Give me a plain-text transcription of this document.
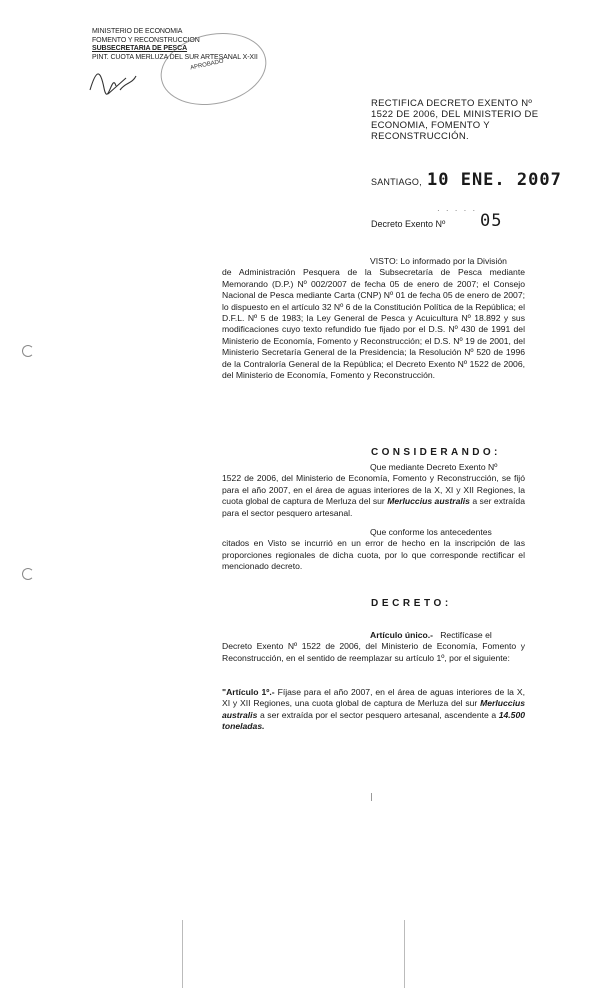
MINISTERIO DE ECONOMIA
FOMENTO Y RECONSTRUCCION
SUBSECRETARIA DE PESCA
PINT. CUOTA MERLUZA DEL SUR ARTESANAL X-XII
APROBADO
RECTIFICA DECRETO EXENTO Nº 1522 DE 2006, DEL MINISTERIO DE ECONOMIA, FOMENTO Y RECONSTRUCCIÓN.
SANTIAGO, 10 ENE. 2007
· · · · ·
Decreto Exento Nº 05
VISTO: Lo informado por la División
de Administración Pesquera de la Subsecretaría de Pesca mediante Memorando (D.P.) Nº 002/2007 de fecha 05 de enero de 2007; el Consejo Nacional de Pesca mediante Carta (CNP) Nº 01 de fecha 05 de enero de 2007; lo dispuesto en el artículo 32 Nº 6 de la Constitución Política de la República; el D.F.L. Nº 5 de 1983; la Ley General de Pesca y Acuicultura Nº 18.892 y sus modificaciones cuyo texto refundido fue fijado por el D.S. Nº 430 de 1991 del Ministerio de Economía, Fomento y Reconstrucción; el D.S. Nº 19 de 2001, del Ministerio Secretaría General de la Presidencia; la Resolución Nº 520 de 1996 de la Contraloría General de la República; el Decreto Exento Nº 1522 de 2006, del Ministerio de Economía, Fomento y Reconstrucción.
CONSIDERANDO:
Que mediante Decreto Exento Nº
1522 de 2006, del Ministerio de Economía, Fomento y Reconstrucción, se fijó para el año 2007, en el área de aguas interiores de la X, XI y XII Regiones, la cuota global de captura de Merluza del sur Merluccius australis a ser extraída para el sector pesquero artesanal.
Que conforme los antecedentes
citados en Visto se incurrió en un error de hecho en la inscripción de las proporciones regionales de dicha cuota, por lo que corresponde rectificar el mencionado decreto.
DECRETO:
Artículo único.- Rectifícase el
Decreto Exento Nº 1522 de 2006, del Ministerio de Economía, Fomento y Reconstrucción, en el sentido de reemplazar su artículo 1º, por el siguiente:
"Artículo 1º.- Fíjase para el año 2007, en el área de aguas interiores de la X, XI y XII Regiones, una cuota global de captura de Merluza del sur Merluccius australis a ser extraída por el sector pesquero artesanal, ascendente a 14.500 toneladas.
